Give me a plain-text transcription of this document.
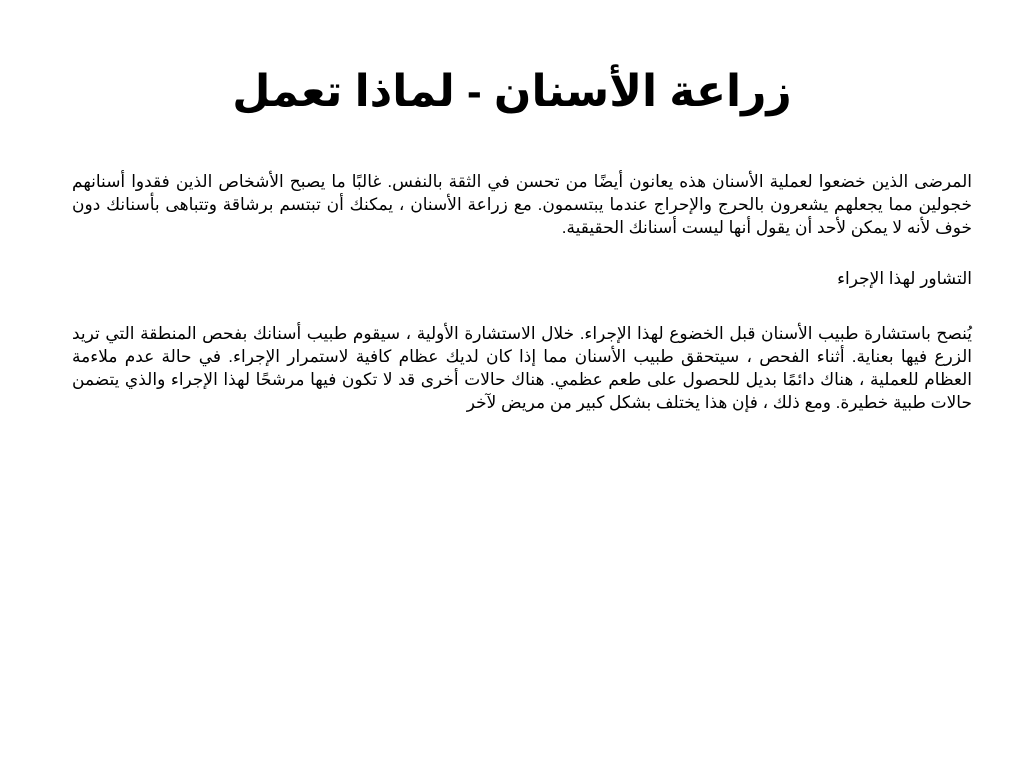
زراعة الأسنان - لماذا تعمل

المرضى الذين خضعوا لعملية الأسنان هذه يعانون أيضًا من تحسن في الثقة بالنفس. غالبًا ما يصبح الأشخاص الذين فقدوا أسنانهم خجولين مما يجعلهم يشعرون بالحرج والإحراج عندما يبتسمون. مع زراعة الأسنان ، يمكنك أن تبتسم برشاقة وتتباهى بأسنانك دون خوف لأنه لا يمكن لأحد أن يقول أنها ليست أسنانك الحقيقية.

التشاور لهذا الإجراء

يُنصح باستشارة طبيب الأسنان قبل الخضوع لهذا الإجراء. خلال الاستشارة الأولية ، سيقوم طبيب أسنانك بفحص المنطقة التي تريد الزرع فيها بعناية. أثناء الفحص ، سيتحقق طبيب الأسنان مما إذا كان لديك عظام كافية لاستمرار الإجراء. في حالة عدم ملاءمة العظام للعملية ، هناك دائمًا بديل للحصول على طعم عظمي. هناك حالات أخرى قد لا تكون فيها مرشحًا لهذا الإجراء والذي يتضمن حالات طبية خطيرة. ومع ذلك ، فإن هذا يختلف بشكل كبير من مريض لآخر
